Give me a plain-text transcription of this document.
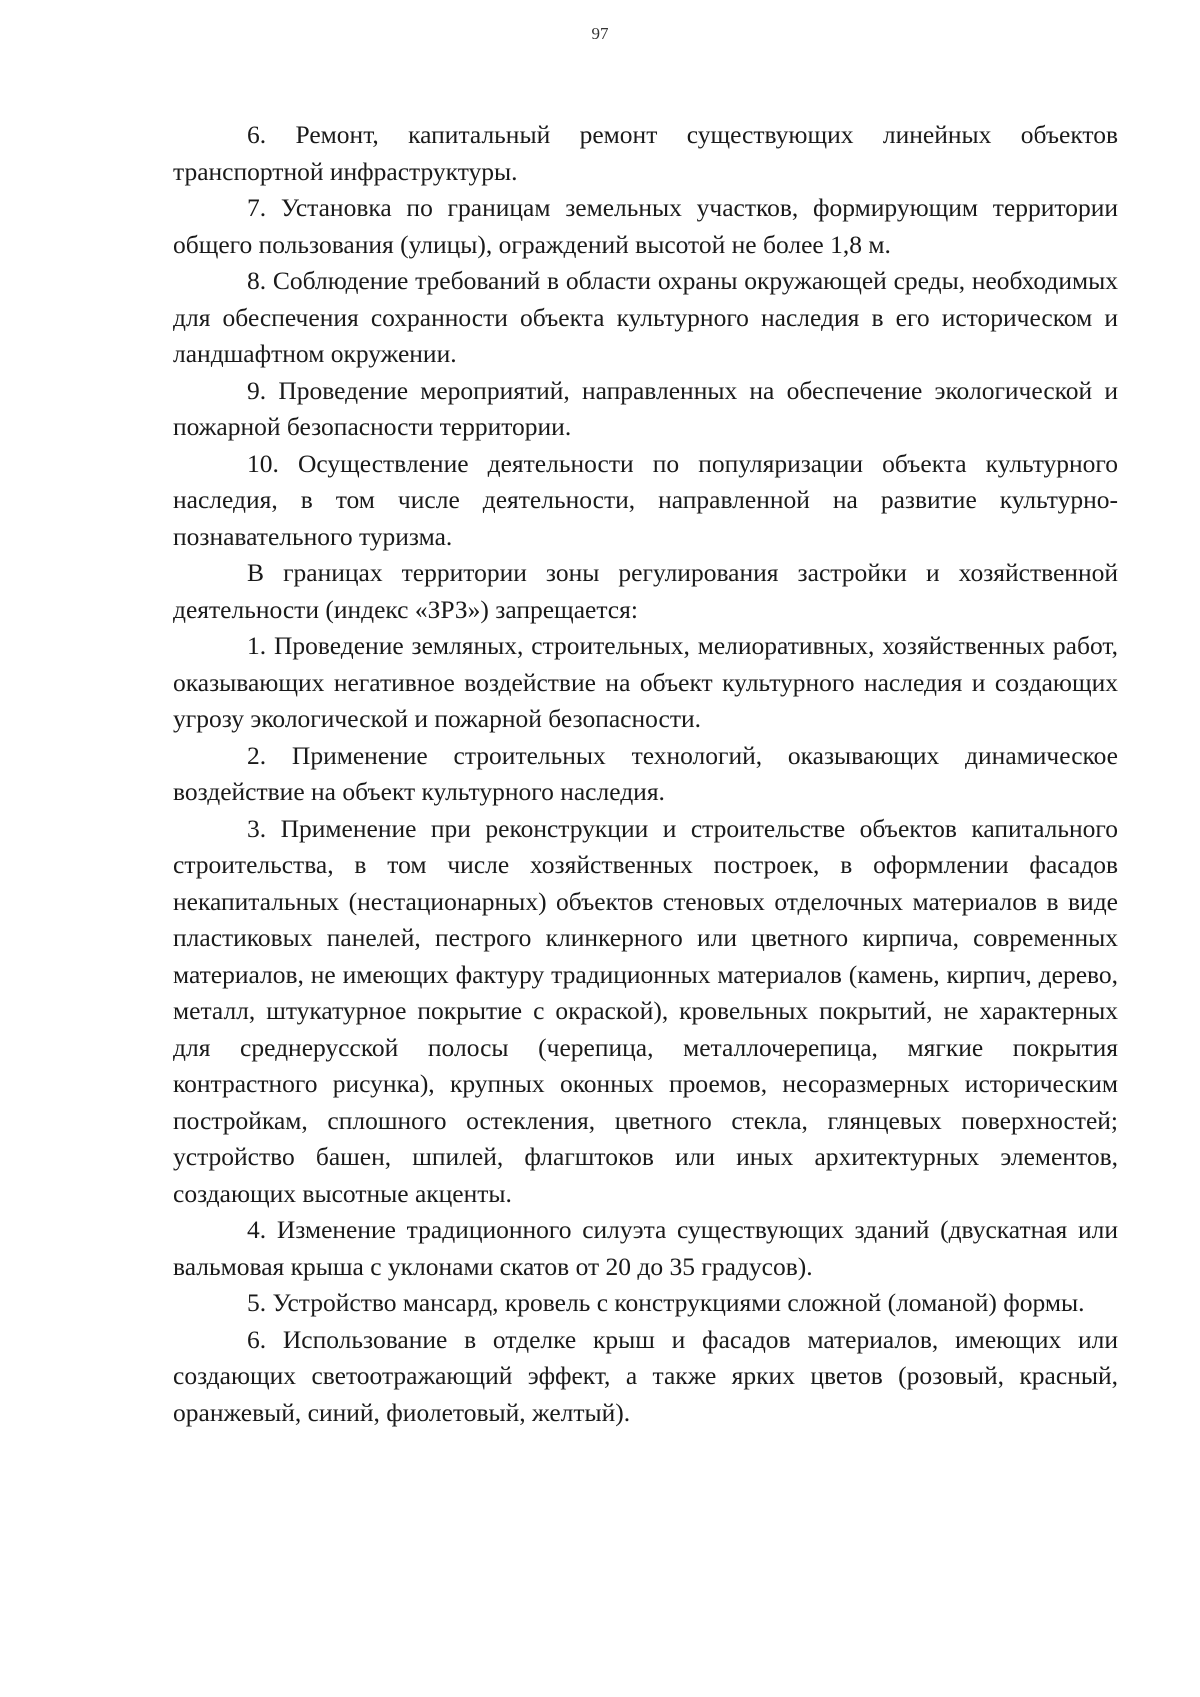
97

6. Ремонт, капитальный ремонт существующих линейных объектов транспортной инфраструктуры.

7. Установка по границам земельных участков, формирующим территории общего пользования (улицы), ограждений высотой не более 1,8 м.

8. Соблюдение требований в области охраны окружающей среды, необходимых для обеспечения сохранности объекта культурного наследия в его историческом и ландшафтном окружении.

9. Проведение мероприятий, направленных на обеспечение экологической и пожарной безопасности территории.

10. Осуществление деятельности по популяризации объекта культурного наследия, в том числе деятельности, направленной на развитие культурно-познавательного туризма.

В границах территории зоны регулирования застройки и хозяйственной деятельности (индекс «ЗРЗ») запрещается:

1. Проведение земляных, строительных, мелиоративных, хозяйственных работ, оказывающих негативное воздействие на объект культурного наследия и создающих угрозу экологической и пожарной безопасности.

2. Применение строительных технологий, оказывающих динамическое воздействие на объект культурного наследия.

3. Применение при реконструкции и строительстве объектов капитального строительства, в том числе хозяйственных построек, в оформлении фасадов некапитальных (нестационарных) объектов стеновых отделочных материалов в виде пластиковых панелей, пестрого клинкерного или цветного кирпича, современных материалов, не имеющих фактуру традиционных материалов (камень, кирпич, дерево, металл, штукатурное покрытие с окраской), кровельных покрытий, не характерных для среднерусской полосы (черепица, металлочерепица, мягкие покрытия контрастного рисунка), крупных оконных проемов, несоразмерных историческим постройкам, сплошного остекления, цветного стекла, глянцевых поверхностей; устройство башен, шпилей, флагштоков или иных архитектурных элементов, создающих высотные акценты.

4. Изменение традиционного силуэта существующих зданий (двускатная или вальмовая крыша с уклонами скатов от 20 до 35 градусов).

5. Устройство мансард, кровель с конструкциями сложной (ломаной) формы.

6. Использование в отделке крыш и фасадов материалов, имеющих или создающих светоотражающий эффект, а также ярких цветов (розовый, красный, оранжевый, синий, фиолетовый, желтый).
